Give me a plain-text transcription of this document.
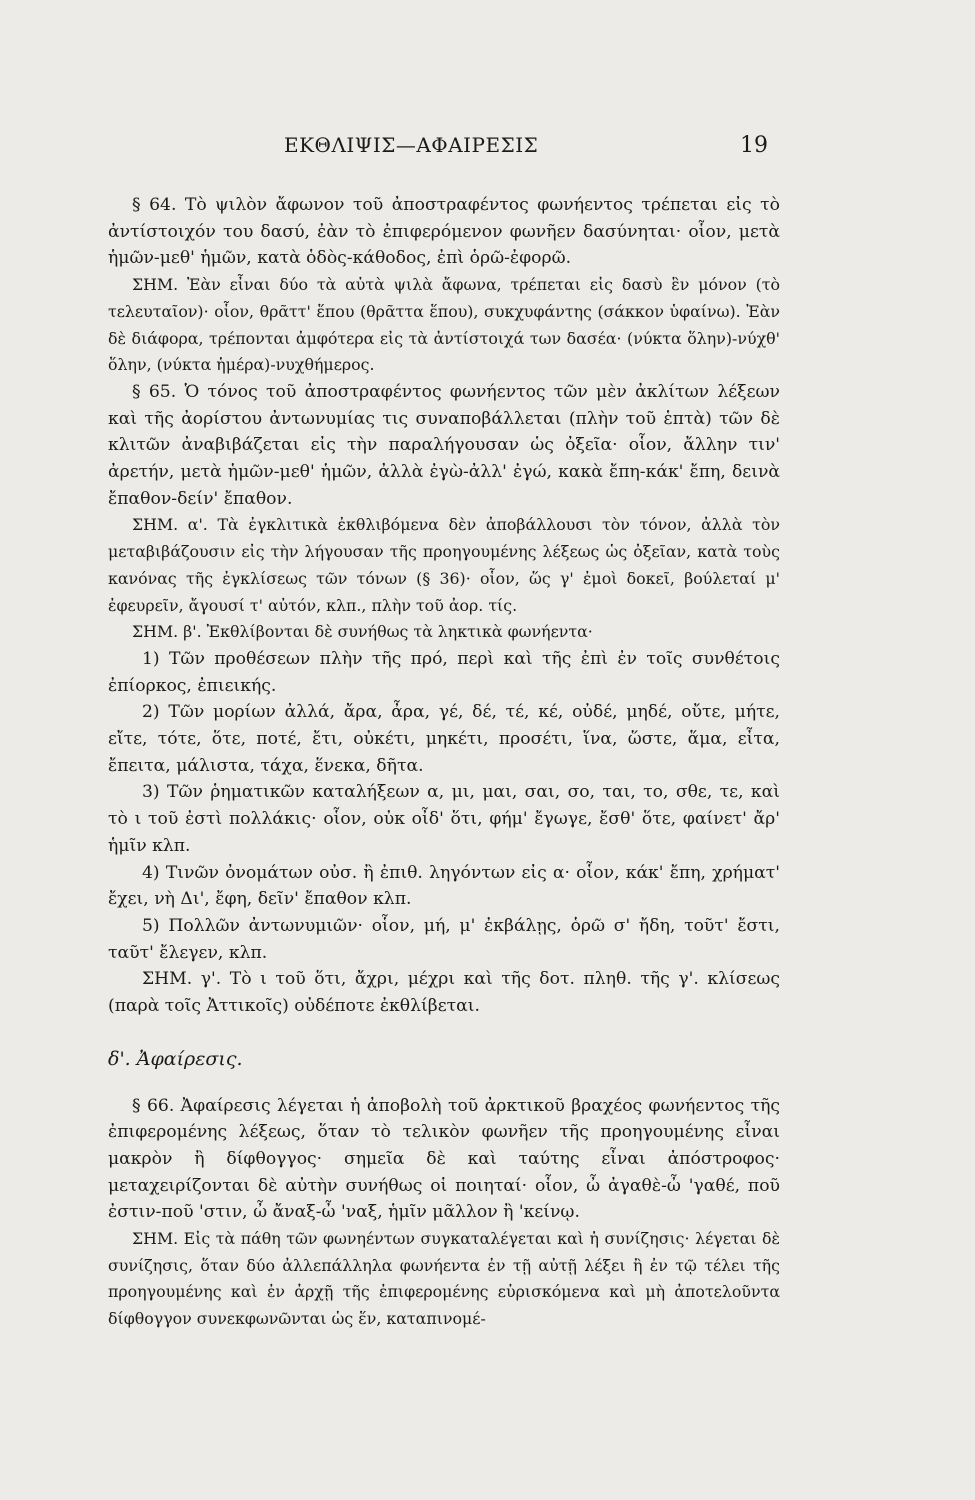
ΕΚΘΛΙΨΙΣ—ΑΦΑΙΡΕΣΙΣ	19

§ 64. Τὸ ψιλὸν ἄφωνον τοῦ ἀποστραφέντος φωνήεντος τρέπεται εἰς τὸ ἀντίστοιχόν του δασύ, ἐὰν τὸ ἐπιφερόμενον φωνῆεν δασύνηται· οἷον, μετὰ ἡμῶν-μεθ' ἡμῶν, κατὰ ὁδὸς-κάθοδος, ἐπὶ ὁρῶ-ἐφορῶ.

ΣΗΜ. Ἐὰν εἶναι δύο τὰ αὐτὰ ψιλὰ ἄφωνα, τρέπεται εἰς δασὺ ἓν μόνον (τὸ τελευταῖον)· οἷον, θρᾶττ' ἕπου (θρᾶττα ἕπου), συκχυφάντης (σάκκον ὑφαίνω). Ἐὰν δὲ διάφορα, τρέπονται ἀμφότερα εἰς τὰ ἀντίστοιχά των δασέα· (νύκτα ὅλην)-νύχθ' ὅλην, (νύκτα ἡμέρα)-νυχθήμερος.

§ 65. Ὁ τόνος τοῦ ἀποστραφέντος φωνήεντος τῶν μὲν ἀκλίτων λέξεων καὶ τῆς ἀορίστου ἀντωνυμίας τις συναποβάλλεται (πλὴν τοῦ ἑπτὰ) τῶν δὲ κλιτῶν ἀναβιβάζεται εἰς τὴν παραλήγουσαν ὡς ὀξεῖα· οἷον, ἄλλην τιν' ἀρετήν, μετὰ ἡμῶν-μεθ' ἡμῶν, ἀλλὰ ἐγὼ-ἀλλ' ἐγώ, κακὰ ἔπη-κάκ' ἔπη, δεινὰ ἔπαθον-δείν' ἔπαθον.

ΣΗΜ. α'. Τὰ ἐγκλιτικὰ ἐκθλιβόμενα δὲν ἀποβάλλουσι τὸν τόνον, ἀλλὰ τὸν μεταβιβάζουσιν εἰς τὴν λήγουσαν τῆς προηγουμένης λέξεως ὡς ὀξεῖαν, κατὰ τοὺς κανόνας τῆς ἐγκλίσεως τῶν τόνων (§ 36)· οἷον, ὥς γ' ἐμοὶ δοκεῖ, βούλεταί μ' ἐφευρεῖν, ἄγουσί τ' αὐτόν, κλπ., πλὴν τοῦ ἀορ. τίς.

ΣΗΜ. β'. Ἐκθλίβονται δὲ συνήθως τὰ ληκτικὰ φωνήεντα·

1) Τῶν προθέσεων πλὴν τῆς πρό, περὶ καὶ τῆς ἐπὶ ἐν τοῖς συνθέτοις ἐπίορκος, ἐπιεικής.

2) Τῶν μορίων ἀλλά, ἄρα, ἆρα, γέ, δέ, τέ, κέ, οὐδέ, μηδέ, οὔτε, μήτε, εἴτε, τότε, ὅτε, ποτέ, ἔτι, οὐκέτι, μηκέτι, προσέτι, ἵνα, ὥστε, ἅμα, εἶτα, ἔπειτα, μάλιστα, τάχα, ἕνεκα, δῆτα.

3) Τῶν ῥηματικῶν καταλήξεων α, μι, μαι, σαι, σο, ται, το, σθε, τε, καὶ τὸ ι τοῦ ἐστὶ πολλάκις· οἷον, οὐκ οἶδ' ὅτι, φήμ' ἔγωγε, ἔσθ' ὅτε, φαίνετ' ἄρ' ἡμῖν κλπ.

4) Τινῶν ὀνομάτων οὐσ. ἢ ἐπιθ. ληγόντων εἰς α· οἷον, κάκ' ἔπη, χρήματ' ἔχει, νὴ Δι', ἔφη, δεῖν' ἔπαθον κλπ.

5) Πολλῶν ἀντωνυμιῶν· οἷον, μή, μ' ἐκβάλῃς, ὁρῶ σ' ἤδη, τοῦτ' ἔστι, ταῦτ' ἔλεγεν, κλπ.

ΣΗΜ. γ'. Τὸ ι τοῦ ὅτι, ἄχρι, μέχρι καὶ τῆς δοτ. πληθ. τῆς γ'. κλίσεως (παρὰ τοῖς Ἀττικοῖς) οὐδέποτε ἐκθλίβεται.

δ'. Ἀφαίρεσις.

§ 66. Ἀφαίρεσις λέγεται ἡ ἀποβολὴ τοῦ ἀρκτικοῦ βραχέος φωνήεντος τῆς ἐπιφερομένης λέξεως, ὅταν τὸ τελικὸν φωνῆεν τῆς προηγουμένης εἶναι μακρὸν ἢ δίφθογγος· σημεῖα δὲ καὶ ταύτης εἶναι ἀπόστροφος· μεταχειρίζονται δὲ αὐτὴν συνήθως οἱ ποιηταί· οἷον, ὦ ἀγαθὲ-ὦ 'γαθέ, ποῦ ἐστιν-ποῦ 'στιν, ὦ ἄναξ-ὦ 'ναξ, ἡμῖν μᾶλλον ἢ 'κείνῳ.

ΣΗΜ. Εἰς τὰ πάθη τῶν φωνηέντων συγκαταλέγεται καὶ ἡ συνίζησις· λέγεται δὲ συνίζησις, ὅταν δύο ἀλλεπάλληλα φωνήεντα ἐν τῇ αὐτῇ λέξει ἢ ἐν τῷ τέλει τῆς προηγουμένης καὶ ἐν ἀρχῇ τῆς ἐπιφερομένης εὑρισκόμενα καὶ μὴ ἀποτελοῦντα δίφθογγον συνεκφωνῶνται ὡς ἕν, καταπινομέ-
